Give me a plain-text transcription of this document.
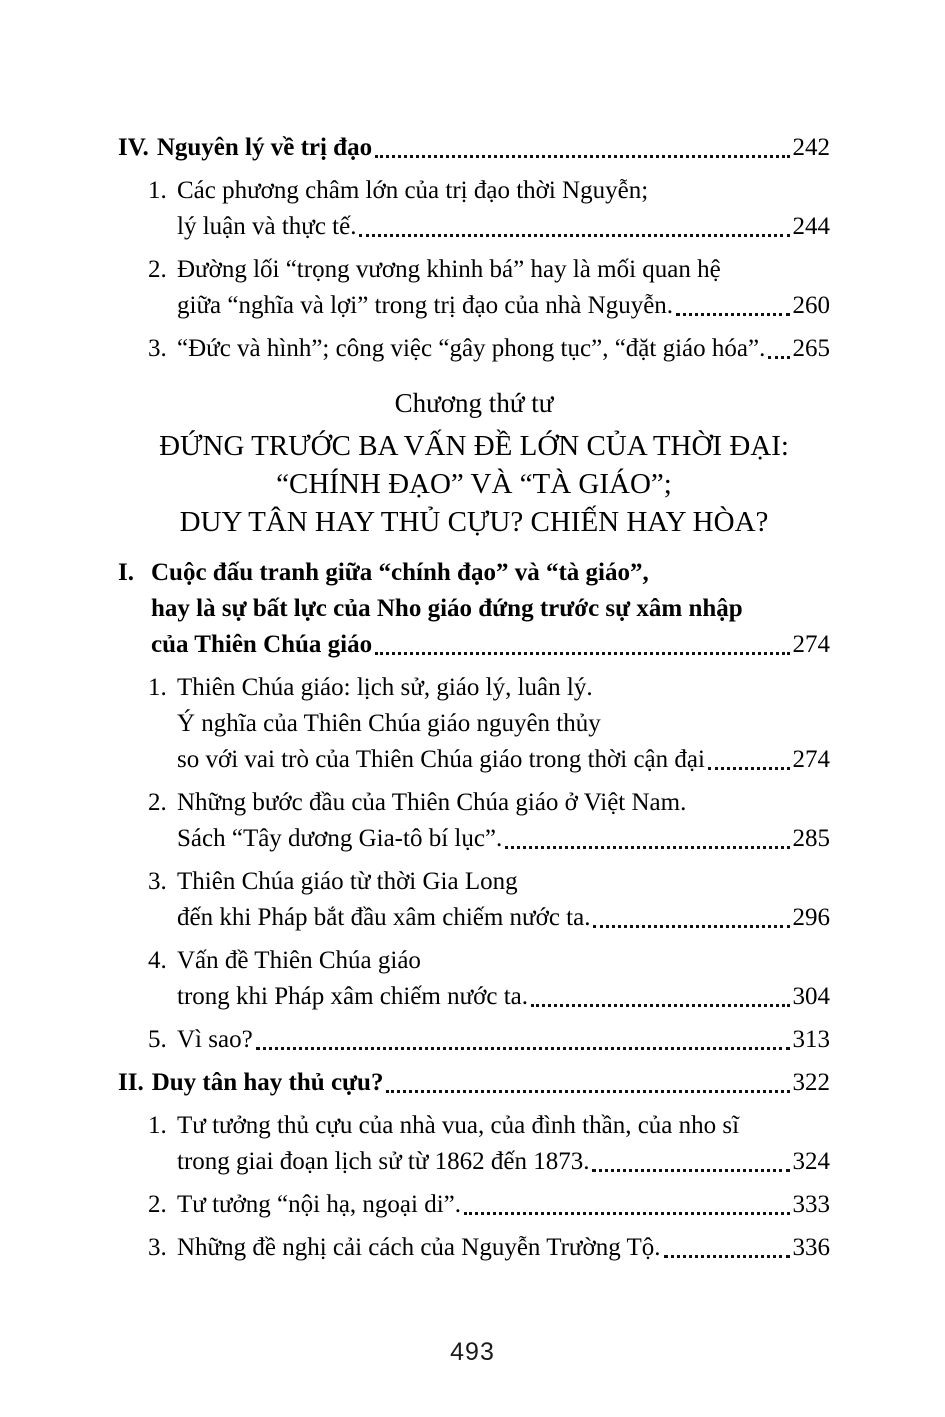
IV. Nguyên lý về trị đạo	242
1. Các phương châm lớn của trị đạo thời Nguyễn;
lý luận và thực tế.	244
2. Đường lối “trọng vương khinh bá” hay là mối quan hệ
giữa “nghĩa và lợi” trong trị đạo của nhà Nguyễn.	260
3. “Đức và hình”; công việc “gây phong tục”, “đặt giáo hóa”. 265
Chương thứ tư
ĐỨNG TRƯỚC BA VẤN ĐỀ LỚN CỦA THỜI ĐẠI:
“CHÍNH ĐẠO” VÀ “TÀ GIÁO”;
DUY TÂN HAY THỦ CỰU? CHIẾN HAY HÒA?
I. Cuộc đấu tranh giữa “chính đạo” và “tà giáo”,
hay là sự bất lực của Nho giáo đứng trước sự xâm nhập
của Thiên Chúa giáo	274
1. Thiên Chúa giáo: lịch sử, giáo lý, luân lý.
Ý nghĩa của Thiên Chúa giáo nguyên thủy
so với vai trò của Thiên Chúa giáo trong thời cận đại	274
2. Những bước đầu của Thiên Chúa giáo ở Việt Nam.
Sách “Tây dương Gia-tô bí lục”.	285
3. Thiên Chúa giáo từ thời Gia Long
đến khi Pháp bắt đầu xâm chiếm nước ta.	296
4. Vấn đề Thiên Chúa giáo
trong khi Pháp xâm chiếm nước ta.	304
5. Vì sao?	313
II. Duy tân hay thủ cựu?	322
1. Tư tưởng thủ cựu của nhà vua, của đình thần, của nho sĩ
trong giai đoạn lịch sử từ 1862 đến 1873.	324
2. Tư tưởng “nội hạ, ngoại di”.	333
3. Những đề nghị cải cách của Nguyễn Trường Tộ.	336
493
